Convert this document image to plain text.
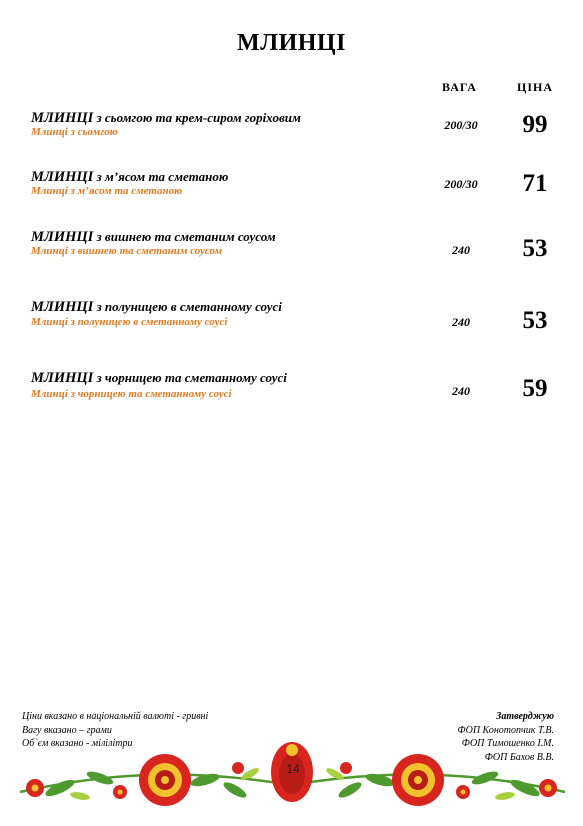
МЛИНЦІ
ВАГА	ЦІНА
МЛИНЦІ з сьомгою та крем-сиром горіховим
Млинці з сьомгою	200/30	99
МЛИНЦІ з м’ясом та сметаною
Млинці з м’ясом та сметаною	200/30	71
МЛИНЦІ з вишнею та сметаним соусом
Млинці з вишнею та сметаним соусом	240	53
МЛИНЦІ з полуницею в сметанному соусі
Млинці з полуницею в сметанному соусі	240	53
МЛИНЦІ з чорницею та сметанному соусі
Млинці з чорницею та сметанному соусі	240	59
14
Ціни вказано в національній валюті - гривні
Вагу вказано – грами
Об`єм вказано - мілілітри
Затверджую
ФОП Конотопчик Т.В.
ФОП Тимошенко І.М.
ФОП Бахов В.В.
